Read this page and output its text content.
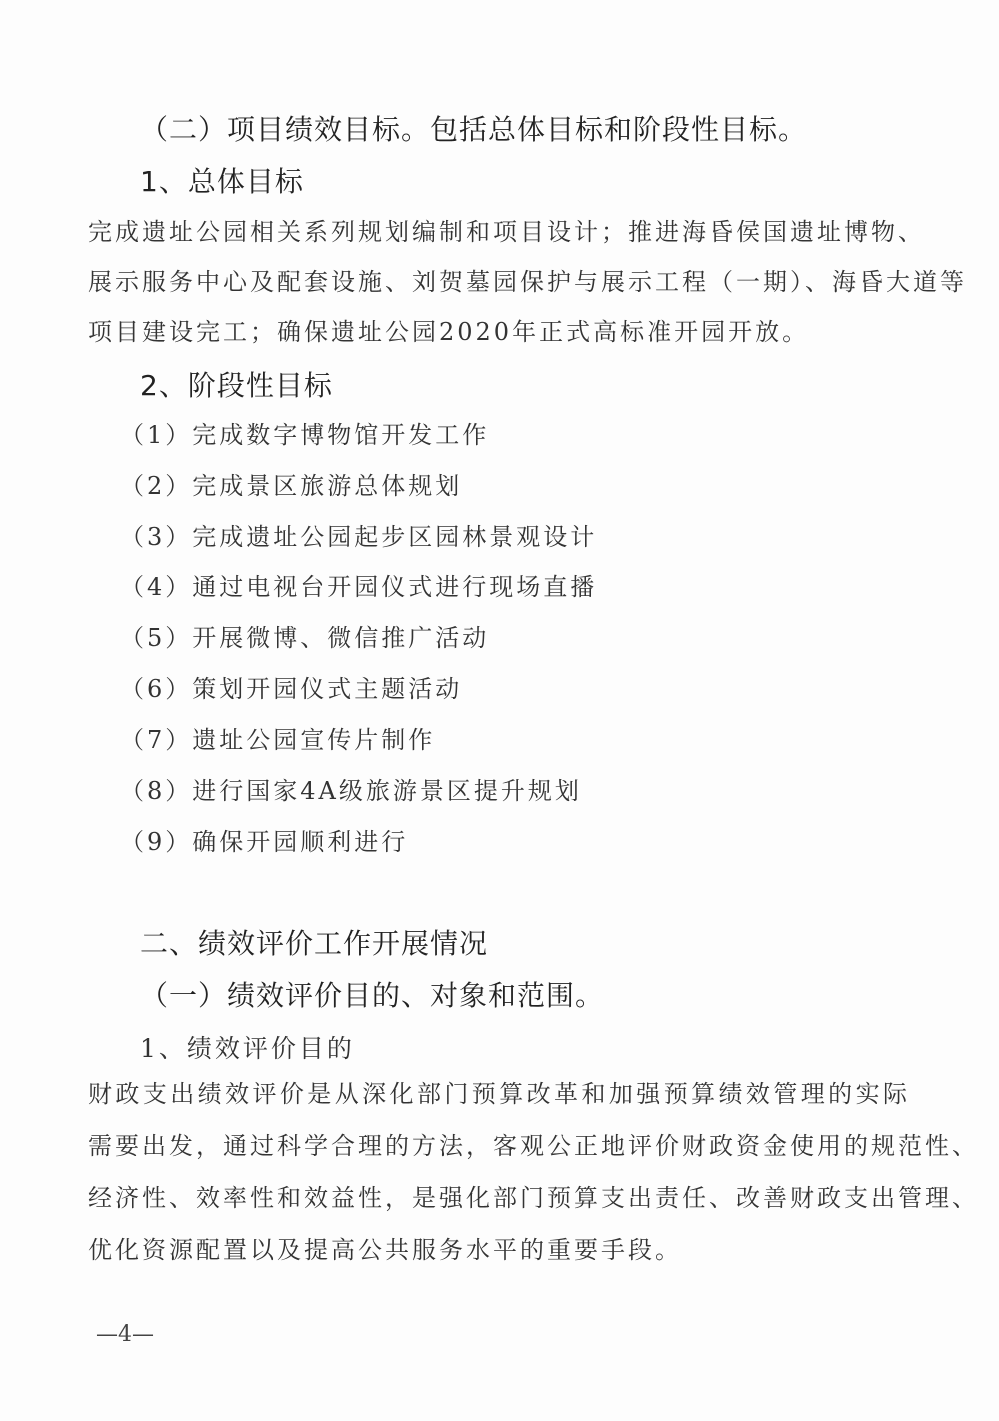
（二）项目绩效目标。包括总体目标和阶段性目标。
1、总体目标
完成遗址公园相关系列规划编制和项目设计；推进海昏侯国遗址博物、
展示服务中心及配套设施、刘贺墓园保护与展示工程（一期）、海昏大道等
项目建设完工；确保遗址公园2020年正式高标准开园开放。
2、阶段性目标
（1）完成数字博物馆开发工作
（2）完成景区旅游总体规划
（3）完成遗址公园起步区园林景观设计
（4）通过电视台开园仪式进行现场直播
（5）开展微博、微信推广活动
（6）策划开园仪式主题活动
（7）遗址公园宣传片制作
（8）进行国家4A级旅游景区提升规划
（9）确保开园顺利进行
二、绩效评价工作开展情况
（一）绩效评价目的、对象和范围。
1、绩效评价目的
财政支出绩效评价是从深化部门预算改革和加强预算绩效管理的实际
需要出发，通过科学合理的方法，客观公正地评价财政资金使用的规范性、
经济性、效率性和效益性，是强化部门预算支出责任、改善财政支出管理、
优化资源配置以及提高公共服务水平的重要手段。
—4—
